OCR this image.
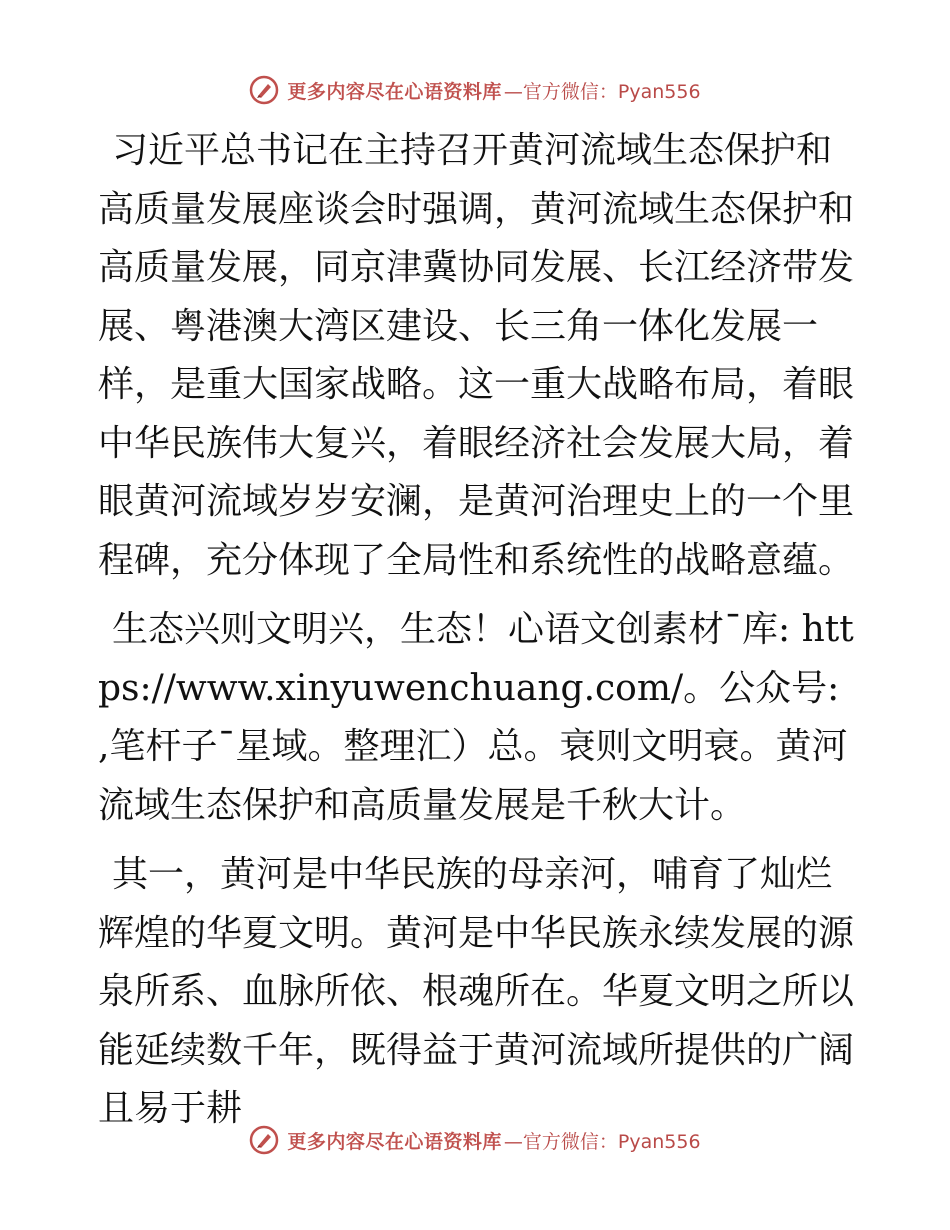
更多内容尽在心语资料库 —官方微信：Pyan556

习近平总书记在主持召开黄河流域生态保护和高质量发展座谈会时强调，黄河流域生态保护和高质量发展，同京津冀协同发展、长江经济带发展、粤港澳大湾区建设、长三角一体化发展一样，是重大国家战略。这一重大战略布局，着眼中华民族伟大复兴，着眼经济社会发展大局，着眼黄河流域岁岁安澜，是黄河治理史上的一个里程碑，充分体现了全局性和系统性的战略意蕴。

生态兴则文明兴，生态！心语文创素材¯库: https://www.xinyuwenchuang.com/。公众号: ,笔杆子¯星域。整理汇）总。衰则文明衰。黄河流域生态保护和高质量发展是千秋大计。

其一，黄河是中华民族的母亲河，哺育了灿烂辉煌的华夏文明。黄河是中华民族永续发展的源泉所系、血脉所依、根魂所在。华夏文明之所以能延续数千年，既得益于黄河流域所提供的广阔且易于耕

更多内容尽在心语资料库 —官方微信：Pyan556
